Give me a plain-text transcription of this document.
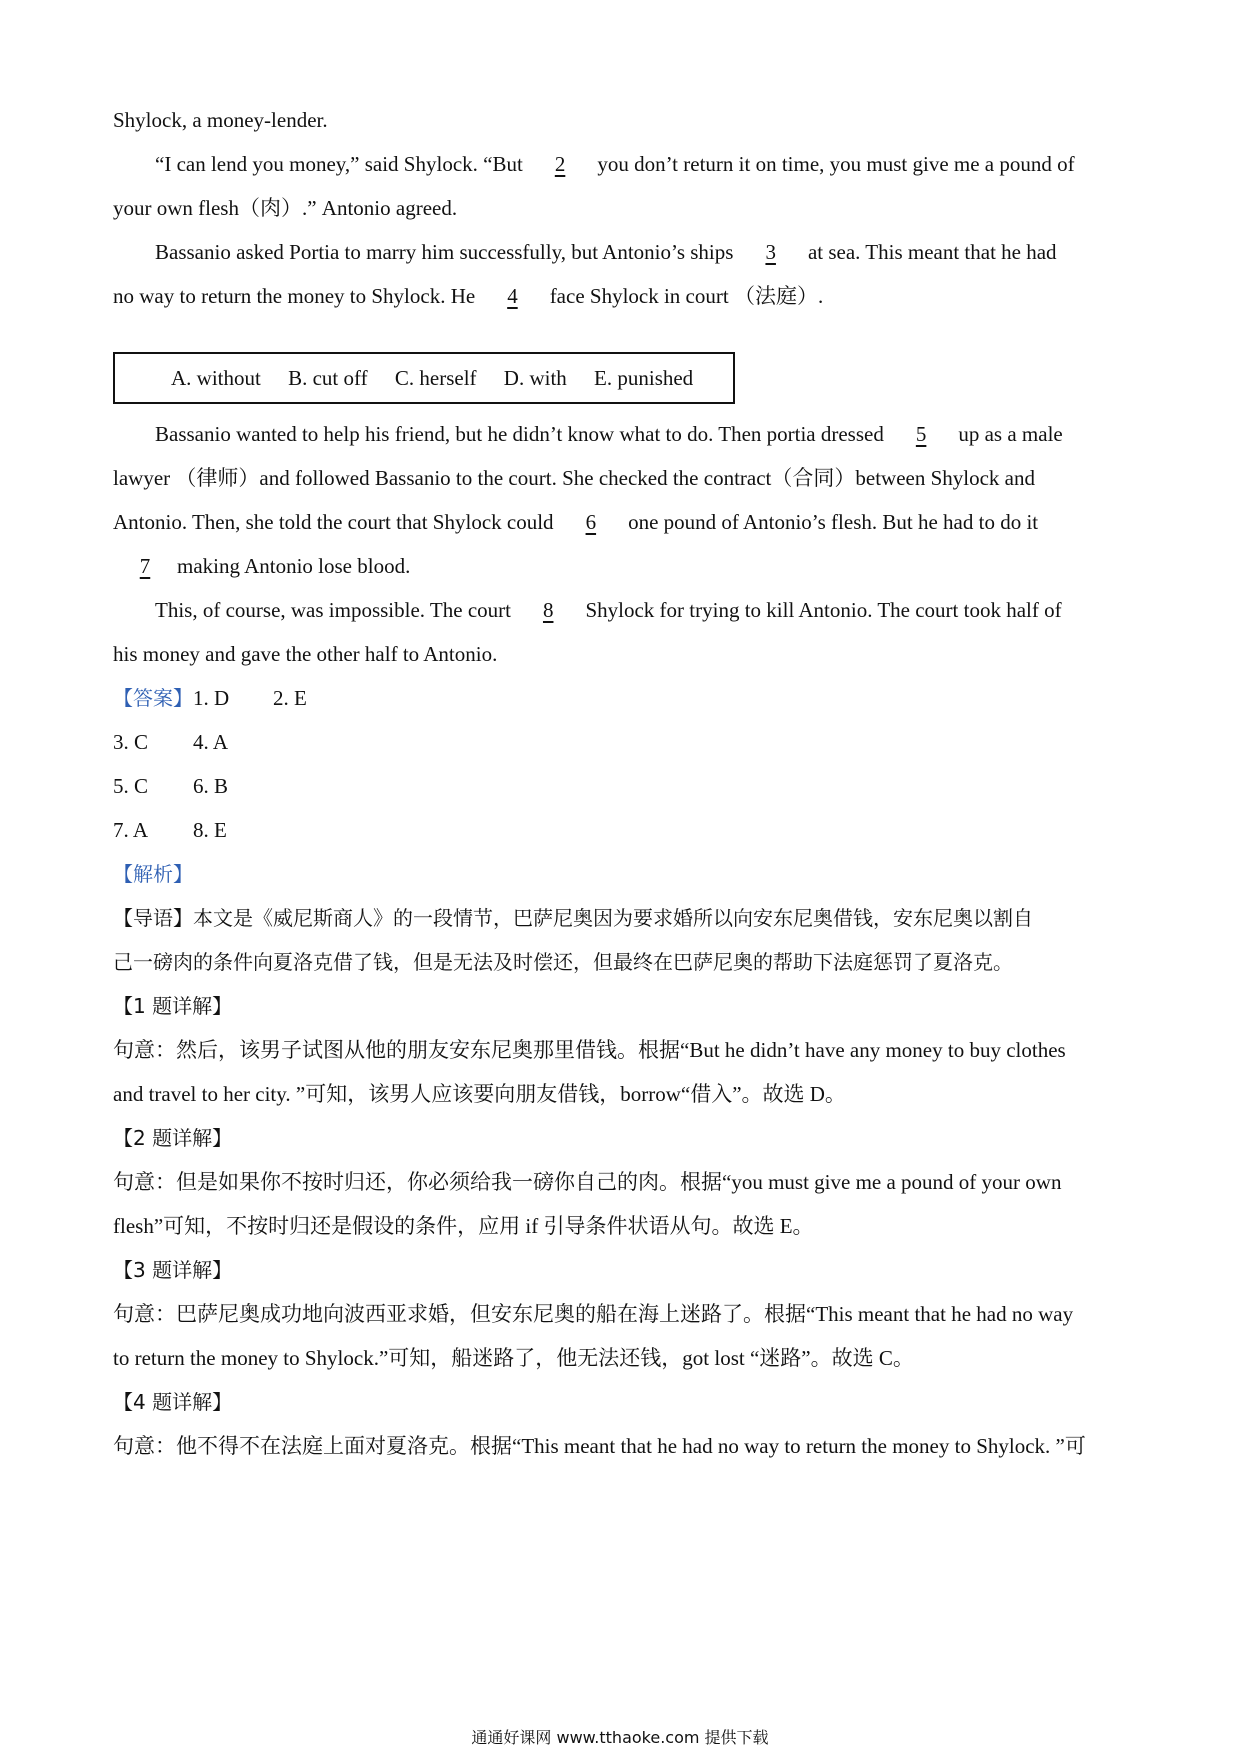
Shylock, a money-lender.
“I can lend you money,” said Shylock. “But 2 you don’t return it on time, you must give me a pound of
your own flesh（肉）.” Antonio agreed.
Bassanio asked Portia to marry him successfully, but Antonio’s ships 3 at sea. This meant that he had
no way to return the money to Shylock. He 4 face Shylock in court （法庭）.
A. without B. cut off C. herself D. with E. punished
Bassanio wanted to help his friend, but he didn’t know what to do. Then portia dressed 5 up as a male
lawyer （律师）and followed Bassanio to the court. She checked the contract（合同）between Shylock and
Antonio. Then, she told the court that Shylock could 6 one pound of Antonio’s flesh. But he had to do it
7 making Antonio lose blood.
This, of course, was impossible. The court 8 Shylock for trying to kill Antonio. The court took half of
his money and gave the other half to Antonio.
【答案】1. D 2. E
3. C 4. A
5. C 6. B
7. A 8. E
【解析】
【导语】本文是《威尼斯商人》的一段情节，巴萨尼奥因为要求婚所以向安东尼奥借钱，安东尼奥以割自
己一磅肉的条件向夏洛克借了钱，但是无法及时偿还，但最终在巴萨尼奥的帮助下法庭惩罚了夏洛克。
【1 题详解】
句意：然后，该男子试图从他的朋友安东尼奥那里借钱。根据“But he didn’t have any money to buy clothes
and travel to her city. ”可知，该男人应该要向朋友借钱，borrow“借入”。故选 D。
【2 题详解】
句意：但是如果你不按时归还，你必须给我一磅你自己的肉。根据“you must give me a pound of your own
flesh”可知，不按时归还是假设的条件，应用 if 引导条件状语从句。故选 E。
【3 题详解】
句意：巴萨尼奥成功地向波西亚求婚，但安东尼奥的船在海上迷路了。根据“This meant that he had no way
to return the money to Shylock.”可知，船迷路了，他无法还钱，got lost “迷路”。故选 C。
【4 题详解】
句意：他不得不在法庭上面对夏洛克。根据“This meant that he had no way to return the money to Shylock. ”可
通通好课网 www.tthaoke.com 提供下载
